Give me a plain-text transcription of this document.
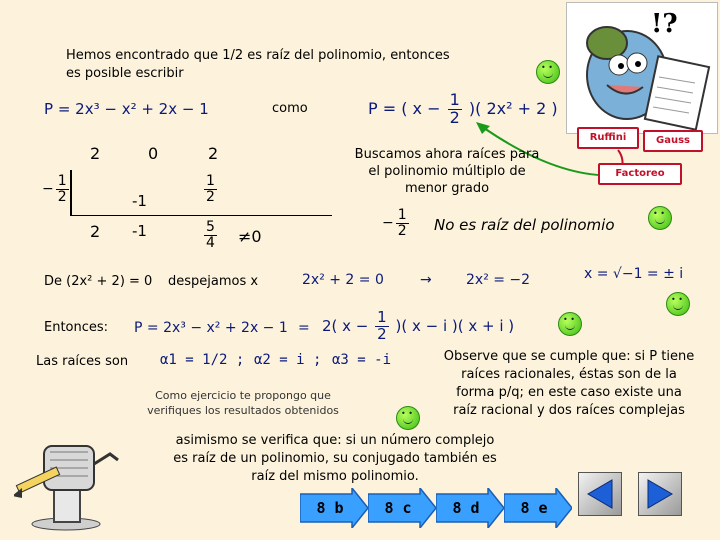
Hemos encontrado que 1/2 es raíz del polinomio, entonces
es posible escribir
• •
!?
P = 2x³ − x² + 2x − 1	como	P = ( $x - \frac{1}{2}$ )( 2x² + 2 )
Ruffini	Gauss
Factoreo
2	0	2
− $\frac{1}{2}$	-1	$\frac{1}{2}$
2 -1	$\frac{5}{4} \ne 0$
Buscamos ahora raíces para
el polinomio múltiplo de
menor grado
− $\frac{1}{2}$ No es raíz del polinomio
• •
De (2x² + 2) = 0 despejamos x	2x² + 2 = 0	→ 2x² = −2	x = √−1 = ± i
• •
Entonces: P = 2x³ − x² + 2x − 1 = 2( $x - \frac{1}{2}$ )( x − i )( x + i )
• •
Las raíces son α1 = 1/2 ; α2 = i ; α3 = -i
Como ejercicio te propongo que
verifiques los resultados obtenidos
• •
Observe que se cumple que: si P tiene
raíces racionales, éstas son de la
forma p/q; en este caso existe una
raíz racional y dos raíces complejas
asimismo se verifica que: si un número complejo
es raíz de un polinomio, su conjugado también es
raíz del mismo polinomio.
8 b	8 c	8 d	8 e
